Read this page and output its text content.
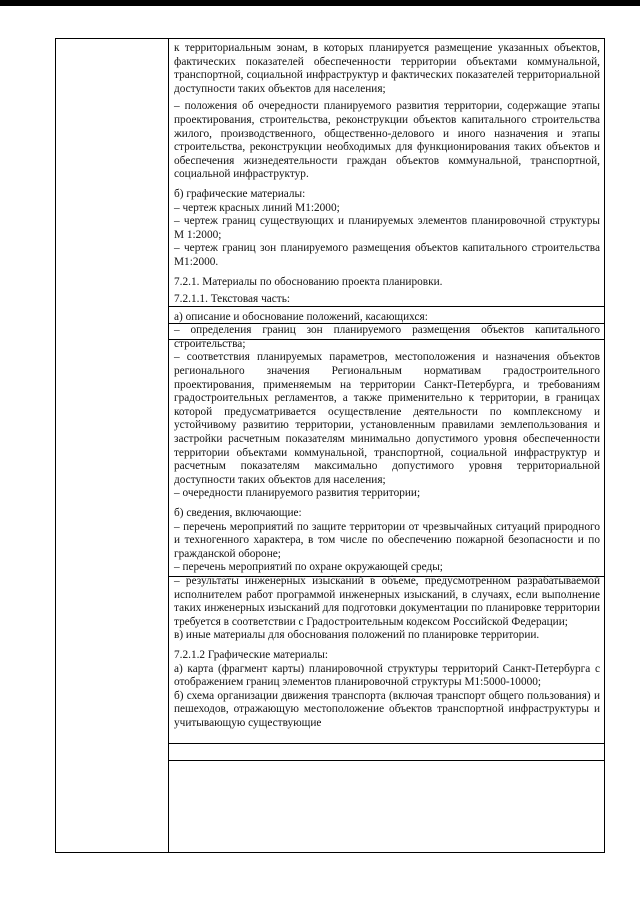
к территориальным зонам, в которых планируется размещение указанных объектов, фактических показателей обеспеченности территории объектами коммунальной, транспортной, социальной инфраструктур и фактических показателей территориальной доступности таких объектов для населения;
– положения об очередности планируемого развития территории, содержащие этапы проектирования, строительства, реконструкции объектов капитального строительства жилого, производственного, общественно-делового и иного назначения и этапы строительства, реконструкции необходимых для функционирования таких объектов и обеспечения жизнедеятельности граждан объектов коммунальной, транспортной, социальной инфраструктур.
б) графические материалы:
– чертеж красных линий М1:2000;
– чертеж границ существующих и планируемых элементов планировочной структуры М 1:2000;
– чертеж границ зон планируемого размещения объектов капитального строительства М1:2000.
7.2.1. Материалы по обоснованию проекта планировки.
7.2.1.1. Текстовая часть:
а) описание и обоснование положений, касающихся:
– определения границ зон планируемого размещения объектов капитального строительства;
– соответствия планируемых параметров, местоположения и назначения объектов регионального значения Региональным нормативам градостроительного проектирования, применяемым на территории Санкт-Петербурга, и требованиям градостроительных регламентов, а также применительно к территории, в границах которой предусматривается осуществление деятельности по комплексному и устойчивому развитию территории, установленным правилами землепользования и застройки расчетным показателям минимально допустимого уровня обеспеченности территории объектами коммунальной, транспортной, социальной инфраструктур и расчетным показателям максимально допустимого уровня территориальной доступности таких объектов для населения;
– очередности планируемого развития территории;
б) сведения, включающие:
– перечень мероприятий по защите территории от чрезвычайных ситуаций природного и техногенного характера, в том числе по обеспечению пожарной безопасности и по гражданской обороне;
– перечень мероприятий по охране окружающей среды;
– результаты инженерных изысканий в объеме, предусмотренном разрабатываемой исполнителем работ программой инженерных изысканий, в случаях, если выполнение таких инженерных изысканий для подготовки документации по планировке территории требуется в соответствии с Градостроительным кодексом Российской Федерации;
в) иные материалы для обоснования положений по планировке территории.
7.2.1.2 Графические материалы:
а) карта (фрагмент карты) планировочной структуры территорий Санкт-Петербурга с отображением границ элементов планировочной структуры М1:5000-10000;
б) схема организации движения транспорта (включая транспорт общего пользования) и пешеходов, отражающую местоположение объектов транспортной инфраструктуры и учитывающую существующие
